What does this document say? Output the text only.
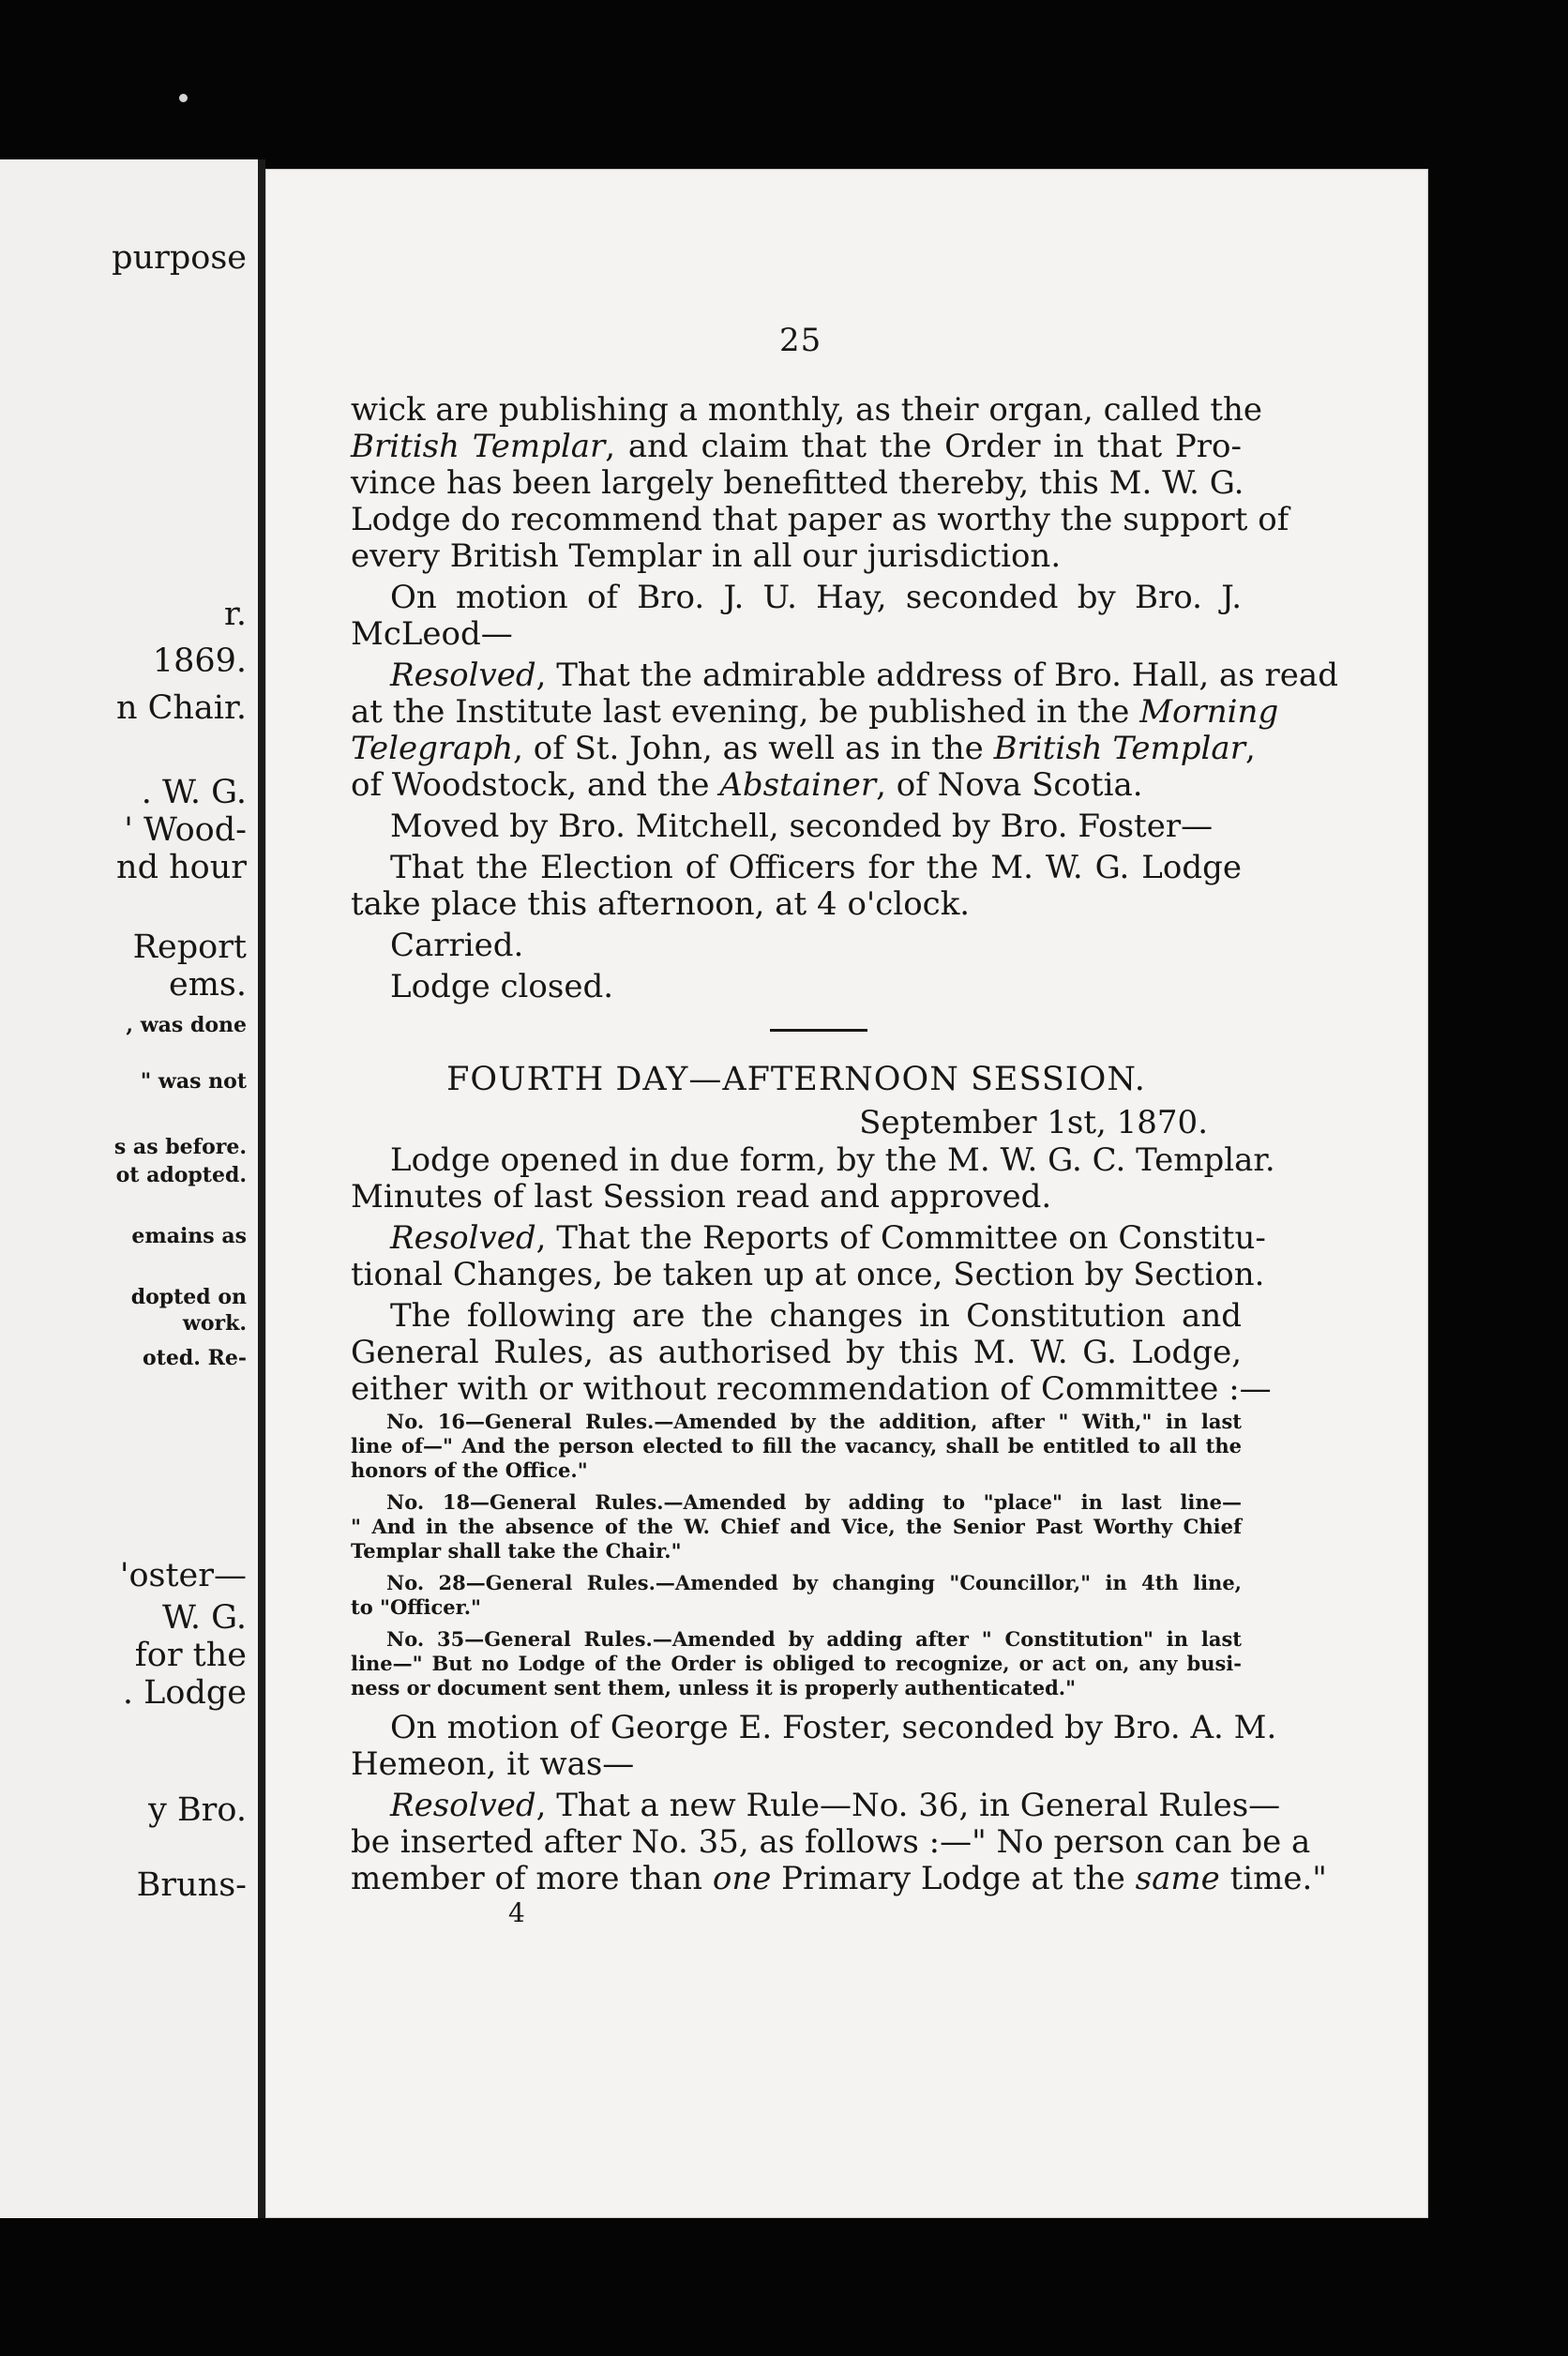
purpose
r.
1869.
n Chair.
. W. G.
' Wood-
nd hour
Report
ems.
, was done
" was not
s as before.
ot adopted.
emains as
dopted on
work.
oted. Re-
'oster—
W. G.
for the
. Lodge
y Bro.
Bruns-
25
wick are publishing a monthly, as their organ, called the
British Templar, and claim that the Order in that Pro-
vince has been largely benefitted thereby, this M. W. G.
Lodge do recommend that paper as worthy the support of
every British Templar in all our jurisdiction.
On motion of Bro. J. U. Hay, seconded by Bro. J.
McLeod—
Resolved, That the admirable address of Bro. Hall, as read
at the Institute last evening, be published in the Morning
Telegraph, of St. John, as well as in the British Templar,
of Woodstock, and the Abstainer, of Nova Scotia.
Moved by Bro. Mitchell, seconded by Bro. Foster—
That the Election of Officers for the M. W. G. Lodge
take place this afternoon, at 4 o'clock.
Carried.
Lodge closed.
FOURTH DAY—AFTERNOON SESSION.
September 1st, 1870.
Lodge opened in due form, by the M. W. G. C. Templar.
Minutes of last Session read and approved.
Resolved, That the Reports of Committee on Constitu-
tional Changes, be taken up at once, Section by Section.
The following are the changes in Constitution and
General Rules, as authorised by this M. W. G. Lodge,
either with or without recommendation of Committee :—
No. 16—General Rules.—Amended by the addition, after " With," in last
line of—" And the person elected to fill the vacancy, shall be entitled to all the
honors of the Office."
No. 18—General Rules.—Amended by adding to "place" in last line—
" And in the absence of the W. Chief and Vice, the Senior Past Worthy Chief
Templar shall take the Chair."
No. 28—General Rules.—Amended by changing "Councillor," in 4th line,
to "Officer."
No. 35—General Rules.—Amended by adding after " Constitution" in last
line—" But no Lodge of the Order is obliged to recognize, or act on, any busi-
ness or document sent them, unless it is properly authenticated."
On motion of George E. Foster, seconded by Bro. A. M.
Hemeon, it was—
Resolved, That a new Rule—No. 36, in General Rules—
be inserted after No. 35, as follows :—" No person can be a
member of more than one Primary Lodge at the same time."
4
